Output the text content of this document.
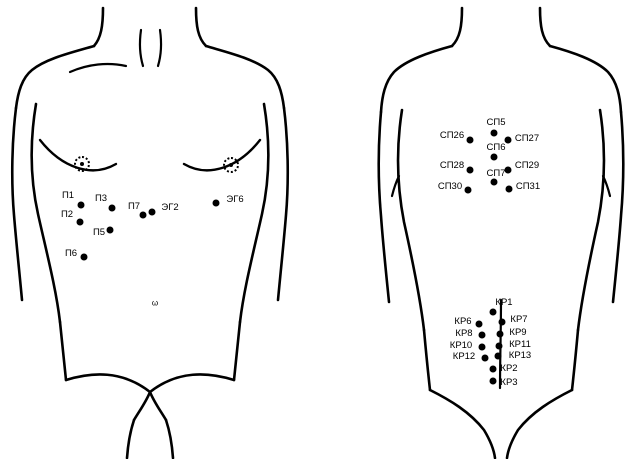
ω
П1
П2
П3
П5
П7
П6
ЭГ2
ЭГ6
СП26
СП5
СП27
СП6
СП28	СП29
СП7
СП30	СП31
КР1
КР6	КР7
КР8	КР9
КР10	КР11
КР12	КР13
КР2
КР3
